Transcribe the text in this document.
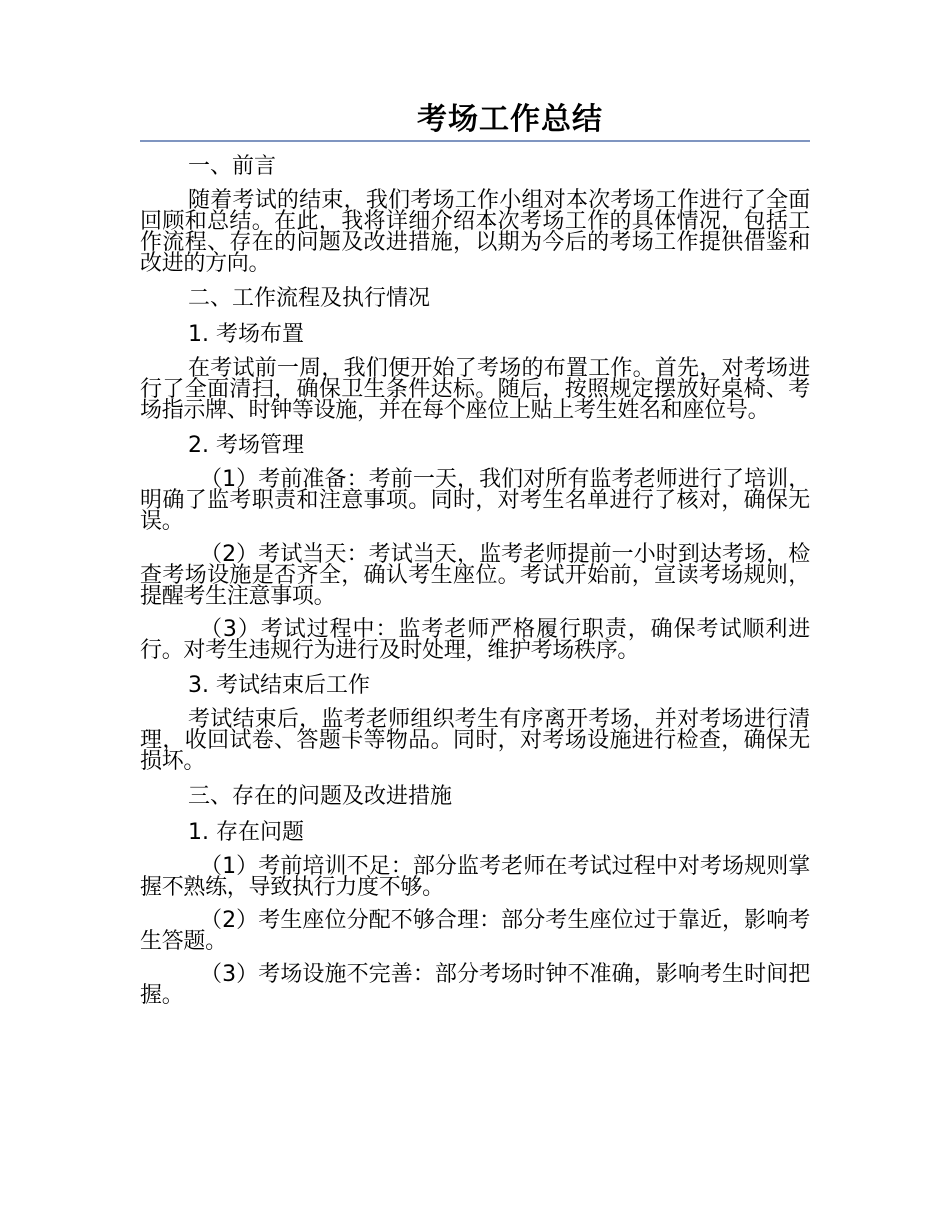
考场工作总结

一、前言

随着考试的结束，我们考场工作小组对本次考场工作进行了全面回顾和总结。在此，我将详细介绍本次考场工作的具体情况，包括工作流程、存在的问题及改进措施，以期为今后的考场工作提供借鉴和改进的方向。

二、工作流程及执行情况

1. 考场布置

在考试前一周，我们便开始了考场的布置工作。首先，对考场进行了全面清扫，确保卫生条件达标。随后，按照规定摆放好桌椅、考场指示牌、时钟等设施，并在每个座位上贴上考生姓名和座位号。

2. 考场管理

（1）考前准备：考前一天，我们对所有监考老师进行了培训，明确了监考职责和注意事项。同时，对考生名单进行了核对，确保无误。

（2）考试当天：考试当天，监考老师提前一小时到达考场，检查考场设施是否齐全，确认考生座位。考试开始前，宣读考场规则，提醒考生注意事项。

（3）考试过程中：监考老师严格履行职责，确保考试顺利进行。对考生违规行为进行及时处理，维护考场秩序。

3. 考试结束后工作

考试结束后，监考老师组织考生有序离开考场，并对考场进行清理，收回试卷、答题卡等物品。同时，对考场设施进行检查，确保无损坏。

三、存在的问题及改进措施

1. 存在问题

（1）考前培训不足：部分监考老师在考试过程中对考场规则掌握不熟练，导致执行力度不够。

（2）考生座位分配不够合理：部分考生座位过于靠近，影响考生答题。

（3）考场设施不完善：部分考场时钟不准确，影响考生时间把握。
